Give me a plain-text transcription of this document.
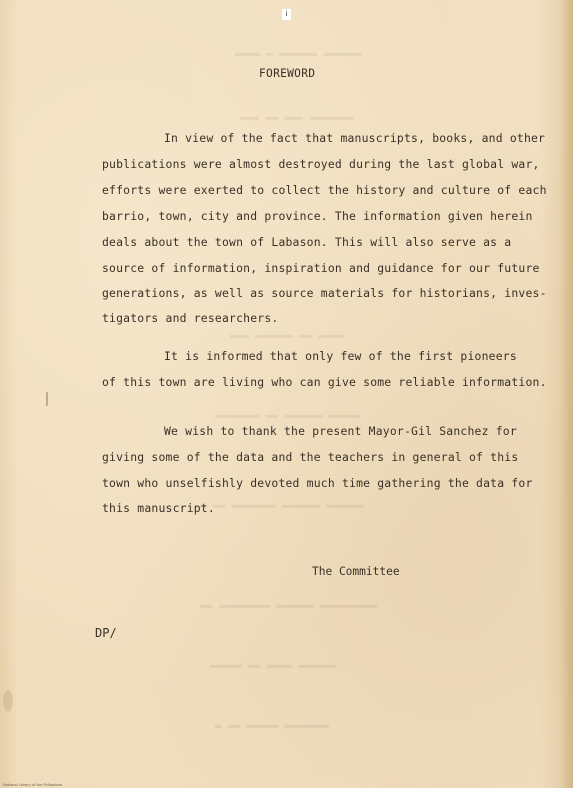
▬▬▬▬ ▬ ▬▬▬▬▬▬ ▬▬▬▬▬▬
▬▬▬ ▬▬ ▬▬▬ ▬▬▬▬▬▬▬
▬▬▬ ▬▬▬▬▬▬ ▬▬ ▬▬▬▬
▬▬▬▬▬▬▬ ▬▬ ▬▬▬▬▬▬ ▬▬▬▬▬
▬ ▬▬ ▬▬▬▬▬▬▬ ▬▬▬▬▬▬ ▬▬▬▬▬▬
▬▬ ▬▬▬▬▬▬▬▬ ▬▬▬▬▬▬ ▬▬▬▬▬▬▬▬▬
▬▬▬▬▬ ▬▬ ▬▬▬▬ ▬▬▬▬▬▬
▬ ▬▬ ▬▬▬▬▬ ▬▬▬▬▬▬▬
i
FOREWORD
In view of the fact that manuscripts, books, and other
publications were almost destroyed during the last global war,
efforts were exerted to collect the history and culture of each
barrio, town, city and province. The information given herein
deals about the town of Labason. This will also serve as a
source of information, inspiration and guidance for our future
generations, as well as source materials for historians, inves-
tigators and researchers.
It is informed that only few of the first pioneers
of this town are living who can give some reliable information.
We wish to thank the present Mayor-Gil Sanchez for
giving some of the data and the teachers in general of this
town who unselfishly devoted much time gathering the data for
this manuscript.
The Committee
DP/
National Library of the Philippines
